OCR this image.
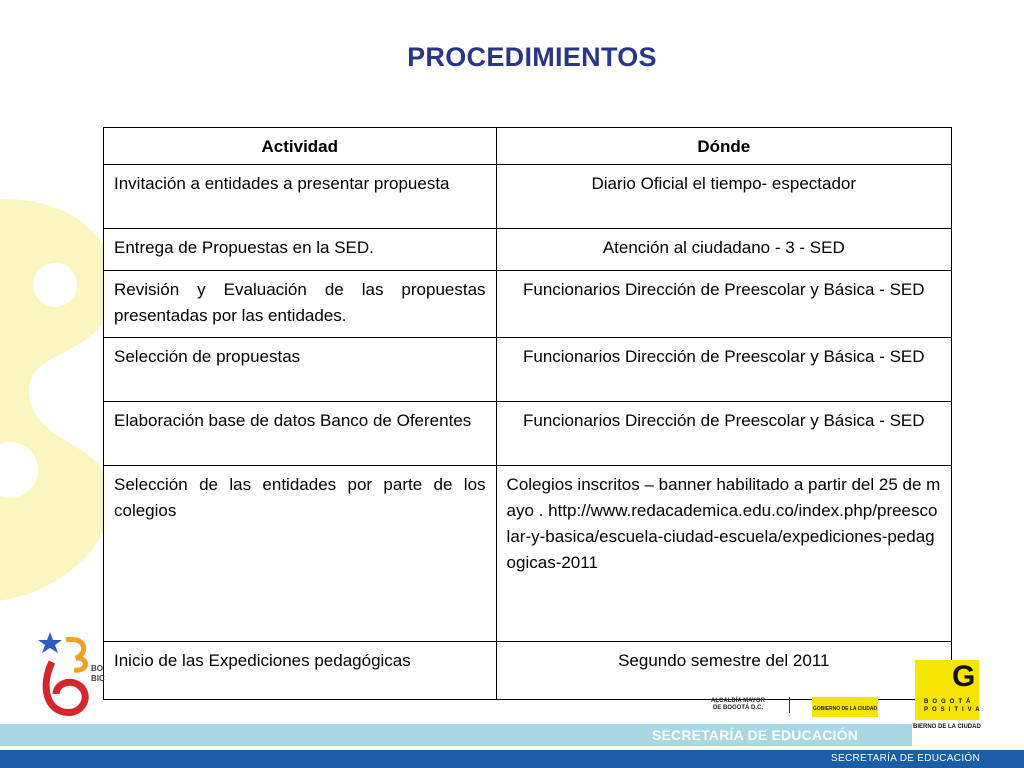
PROCEDIMIENTOS
Actividad	Dónde
Invitación a entidades a presentar propuesta	Diario Oficial el tiempo- espectador
Entrega de Propuestas en la SED.	Atención al ciudadano - 3 - SED
Revisión y Evaluación de las propuestas presentadas por las entidades.	Funcionarios Dirección de Preescolar y Básica - SED
Selección de propuestas	Funcionarios Dirección de Preescolar y Básica - SED
Elaboración base de datos Banco de Oferentes	Funcionarios Dirección de Preescolar y Básica - SED
Selección de las entidades por parte de los colegios	Colegios inscritos – banner habilitado a partir del 25 de mayo . http://www.redacademica.edu.co/index.php/preescolar-y-basica/escuela-ciudad-escuela/expediciones-pedagogicas-2011
Inicio de las Expediciones pedagógicas	Segundo semestre del 2011
BO
BIC
ALCALDÍA MAYOR
DE BOGOTÁ D.C.	GOBIERNO DE LA CIUDAD
G
BOGOTÁ
POSITIVA
BIERNO DE LA CIUDAD
SECRETARÍA DE EDUCACIÓN
SECRETARÍA DE EDUCACIÓN
